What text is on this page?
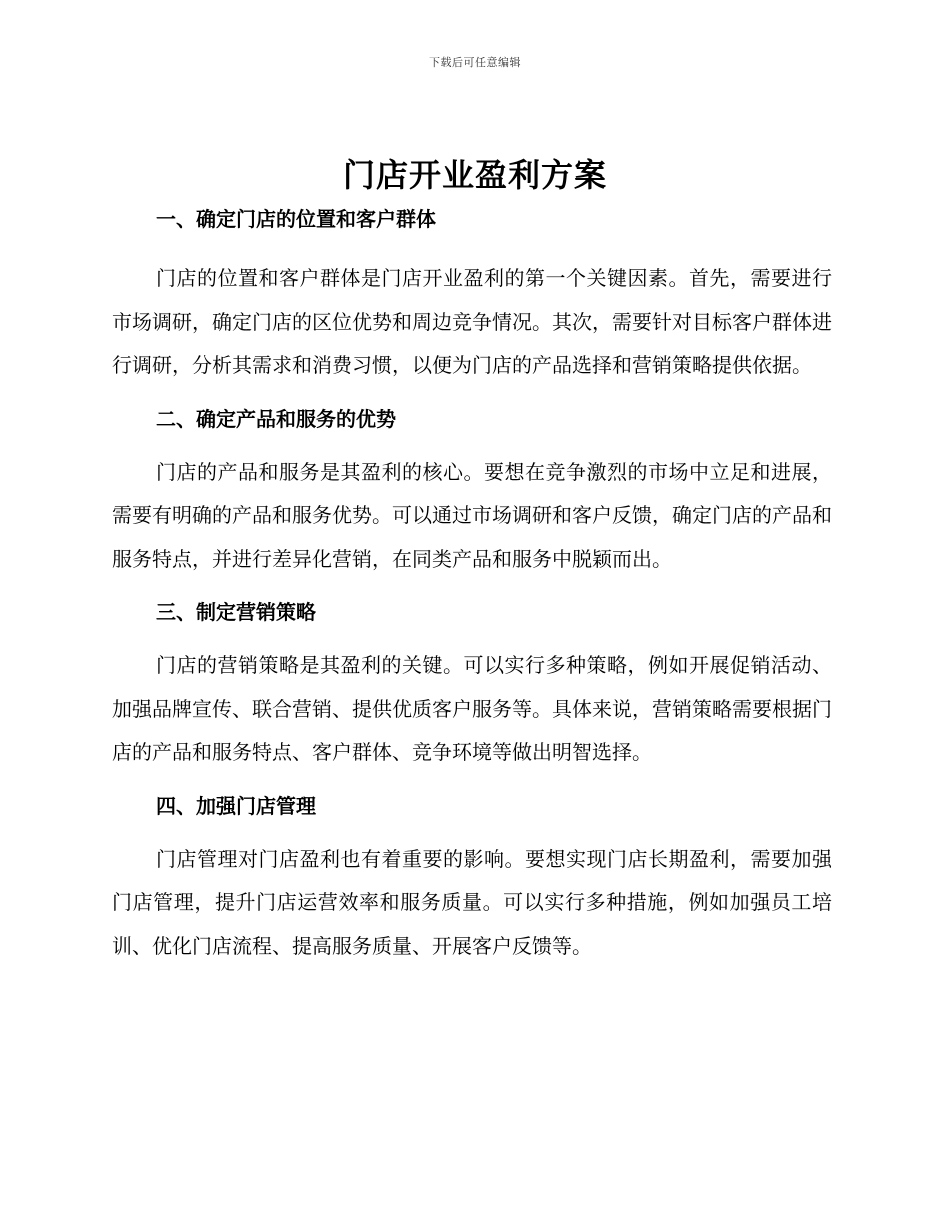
下载后可任意编辑
门店开业盈利方案
一、确定门店的位置和客户群体

门店的位置和客户群体是门店开业盈利的第一个关键因素。首先，需要进行市场调研，确定门店的区位优势和周边竞争情况。其次，需要针对目标客户群体进行调研，分析其需求和消费习惯，以便为门店的产品选择和营销策略提供依据。

二、确定产品和服务的优势

门店的产品和服务是其盈利的核心。要想在竞争激烈的市场中立足和进展，需要有明确的产品和服务优势。可以通过市场调研和客户反馈，确定门店的产品和服务特点，并进行差异化营销，在同类产品和服务中脱颖而出。

三、制定营销策略

门店的营销策略是其盈利的关键。可以实行多种策略，例如开展促销活动、加强品牌宣传、联合营销、提供优质客户服务等。具体来说，营销策略需要根据门店的产品和服务特点、客户群体、竞争环境等做出明智选择。

四、加强门店管理

门店管理对门店盈利也有着重要的影响。要想实现门店长期盈利，需要加强门店管理，提升门店运营效率和服务质量。可以实行多种措施，例如加强员工培训、优化门店流程、提高服务质量、开展客户反馈等。
